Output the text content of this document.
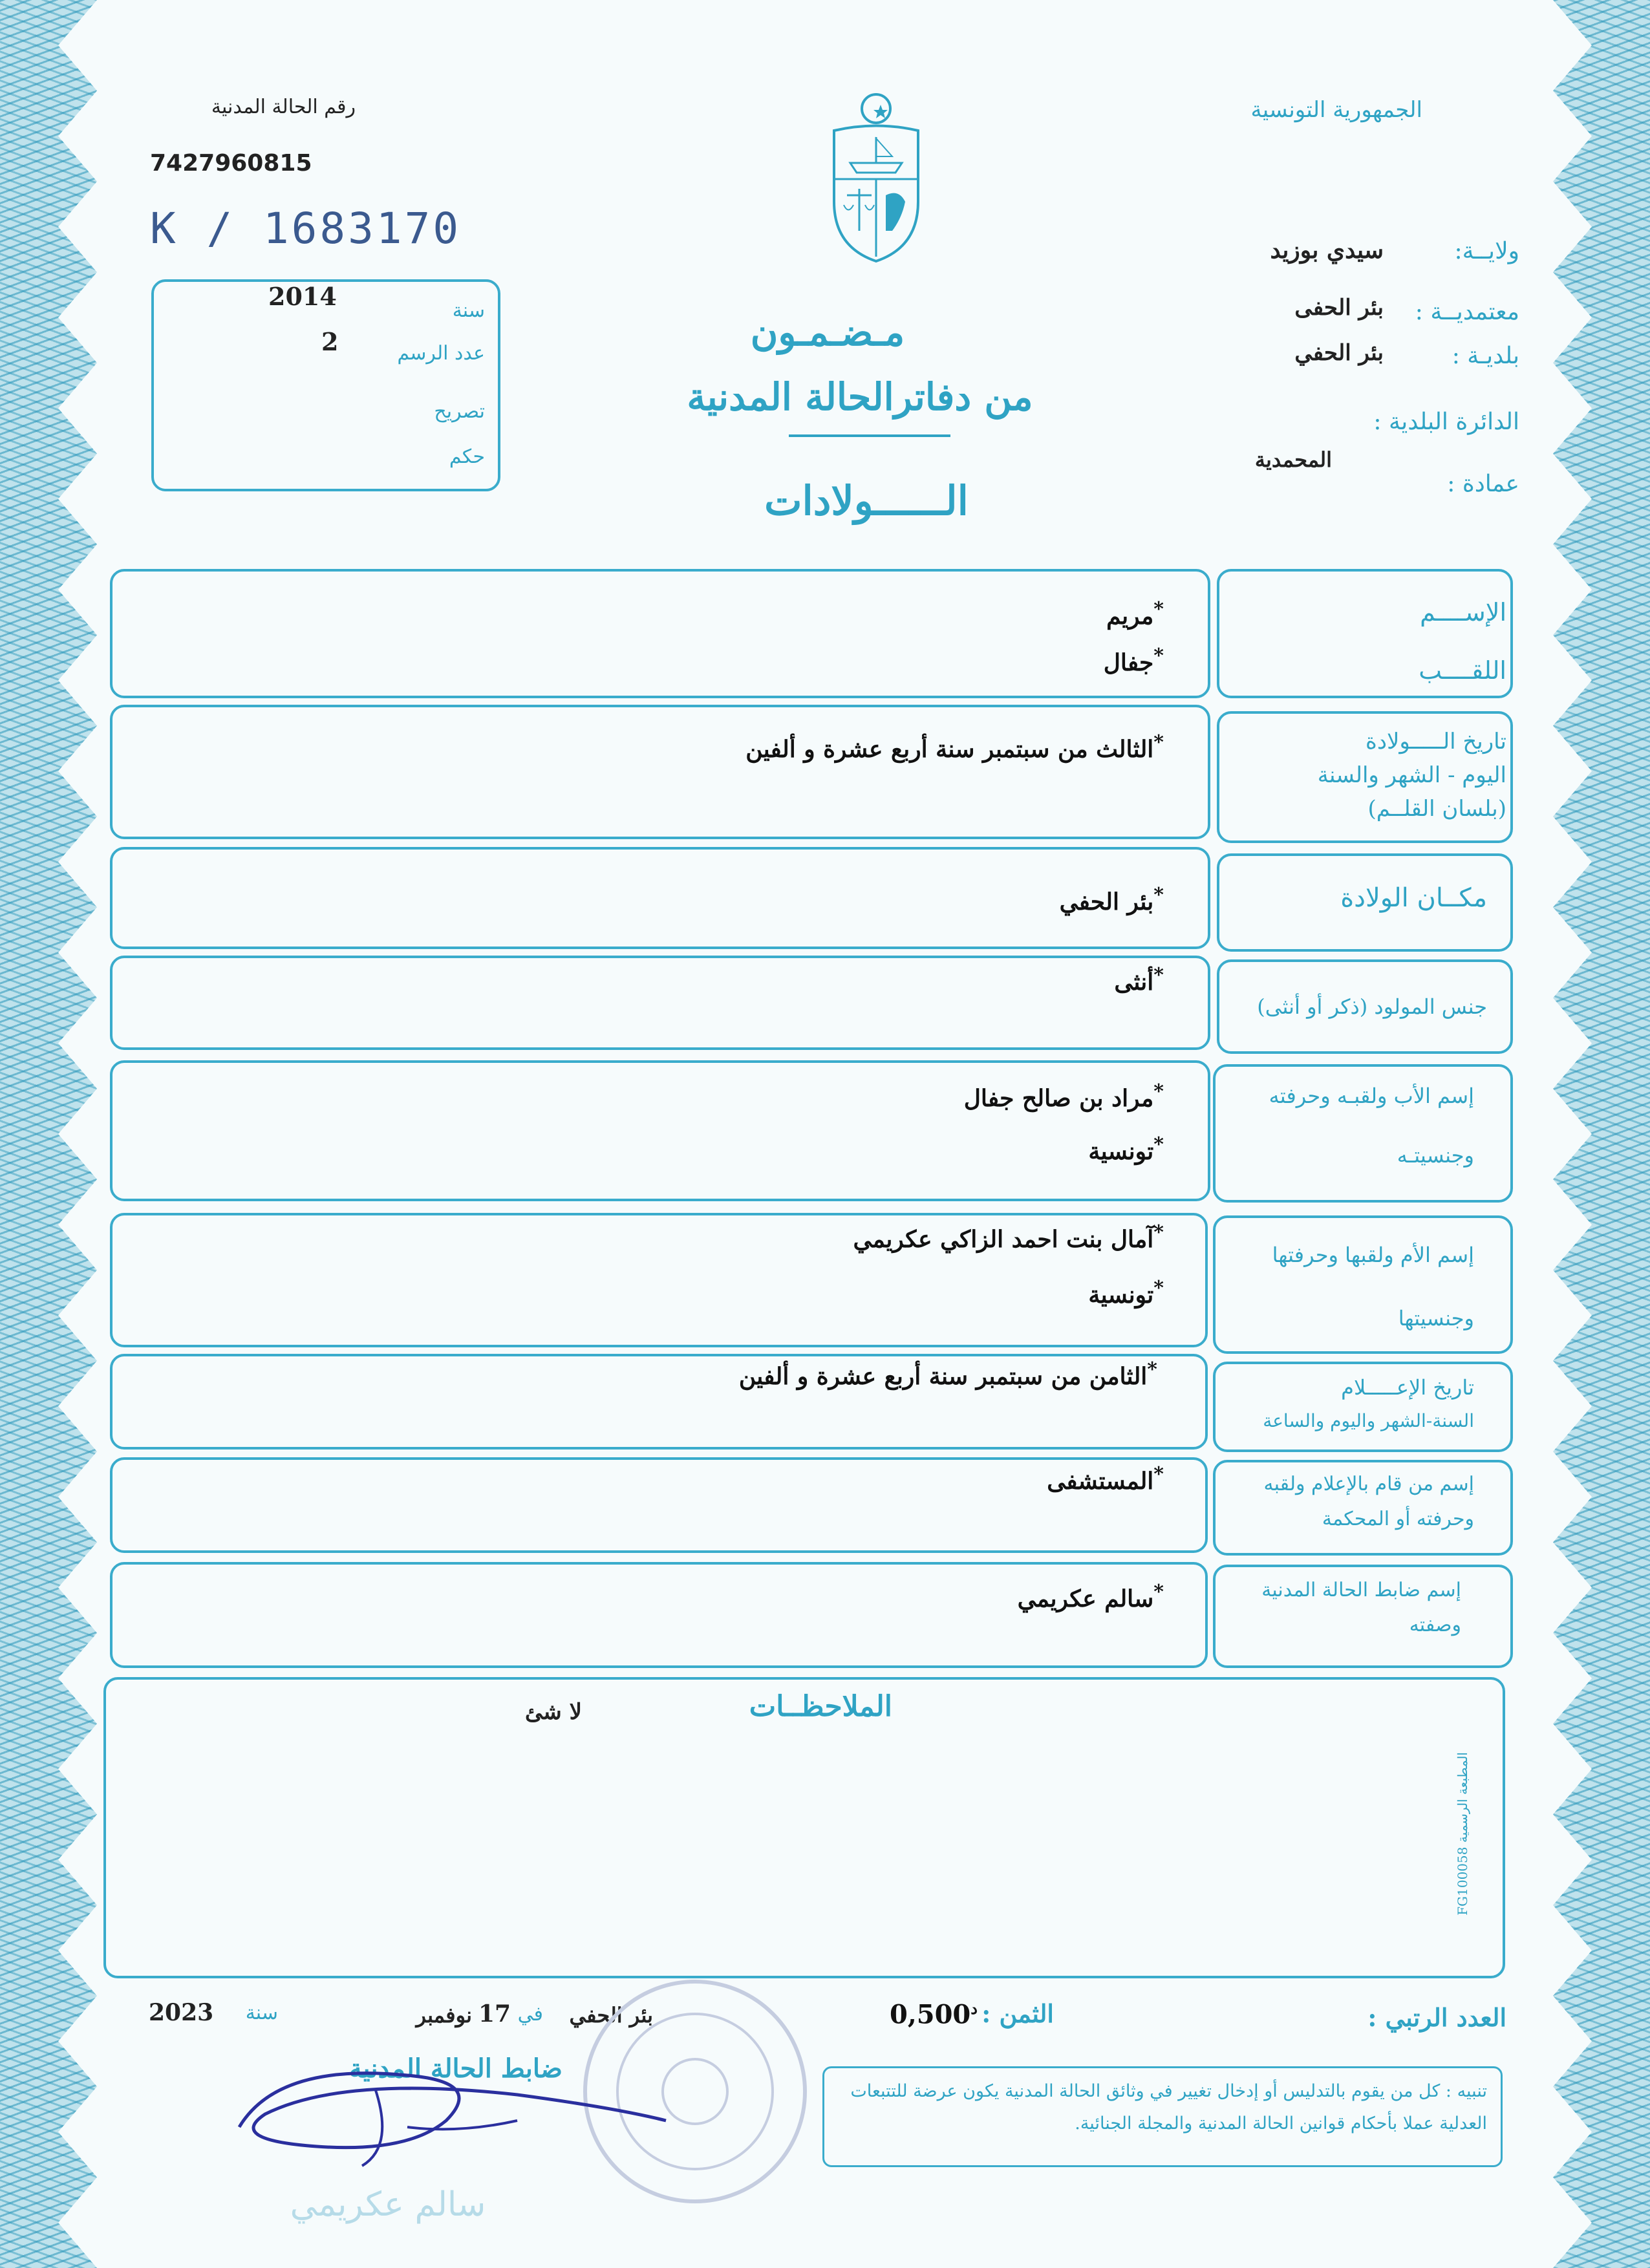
رقم الحالة المدنية
7427960815
K / 1683170
سنة
2014
عدد الرسم
2
تصريح
حكم
الجمهورية التونسية
ولايــة:
سيدي بوزيد
معتمديــة :
بئر الحفى
بلديـة :
بئر الحفي
الدائرة البلدية :
عمادة :
المحمدية
مـضـمـون
من دفاترالحالة المدنية
الــــــولادات
الإســــم
اللقــــب
*مريم
*جفال
تاريخ الـــــولادة
اليوم - الشهر والسنة
(بلسان القلــم)
*الثالث من سبتمبر سنة أربع عشرة و ألفين
مكــان الولادة
*بئر الحفي
جنس المولود (ذكر أو أنثى)
*أنثى
إسم الأب ولقبـه وحرفته
وجنسيتـه
*مراد بن صالح جفال
*تونسية
إسم الأم ولقبها وحرفتها
وجنسيتها
*آمال بنت احمد الزاكي عكريمي
*تونسية
تاريخ الإعـــــلام
السنة-الشهر واليوم والساعة
*الثامن من سبتمبر سنة أربع عشرة و ألفين
إسم من قام بالإعلام ولقبه
وحرفته أو المحكمة
*المستشفى
إسم ضابط الحالة المدنية
وصفته
*سالم عكريمي
الملاحظــات
لا شئ
المطبعة الرسمية FG100058
العدد الرتبي :
الثمن :
$0,500^د$
بئر الحفي
في
17
نوفمبر
سنة
2023
ضابط الحالة المدنية
سالم عكريمي
تنبيه : كل من يقوم بالتدليس أو إدخال تغيير في وثائق الحالة المدنية يكون عرضة للتتبعات العدلية عملا بأحكام قوانين الحالة المدنية والمجلة الجنائية.
